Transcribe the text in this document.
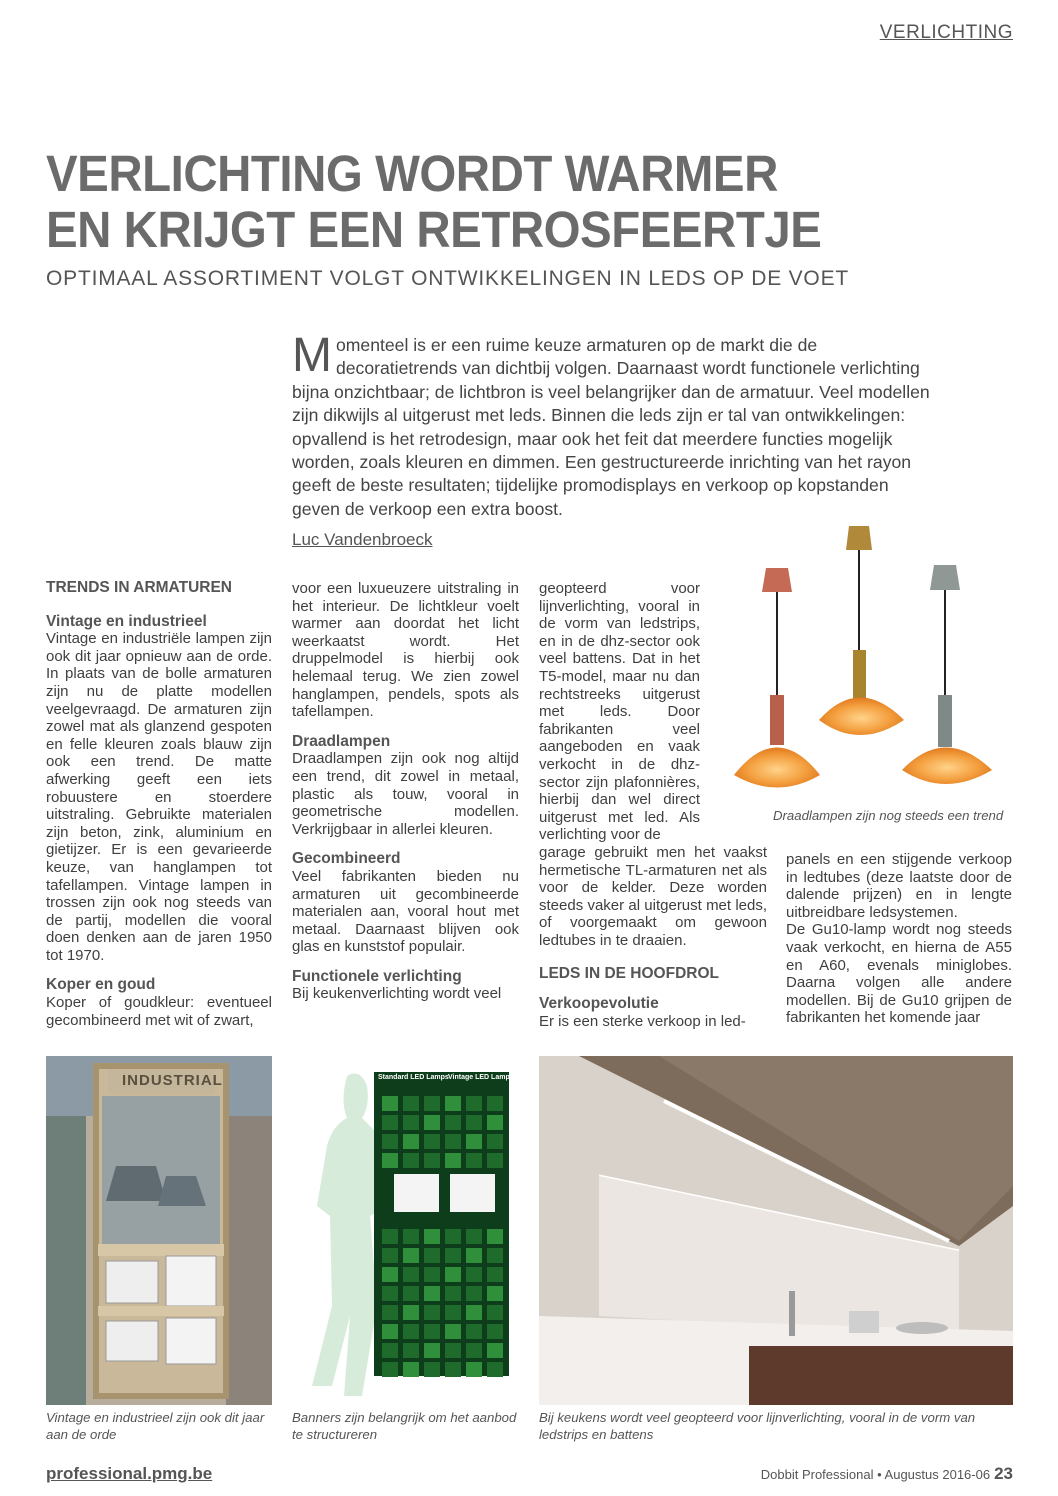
VERLICHTING
VERLICHTING WORDT WARMER
EN KRIJGT EEN RETROSFEERTJE
OPTIMAAL ASSORTIMENT VOLGT ONTWIKKELINGEN IN LEDS OP DE VOET
Momenteel is er een ruime keuze armaturen op de markt die de decoratietrends van dichtbij volgen. Daarnaast wordt functionele verlichting bijna onzichtbaar; de lichtbron is veel belangrijker dan de armatuur. Veel modellen zijn dikwijls al uitgerust met leds. Binnen die leds zijn er tal van ontwikkelingen: opvallend is het retrodesign, maar ook het feit dat meerdere functies mogelijk worden, zoals kleuren en dimmen. Een gestructureerde inrichting van het rayon geeft de beste resultaten; tijdelijke promodisplays en verkoop op kopstanden geven de verkoop een extra boost.
Luc Vandenbroeck
TRENDS IN ARMATUREN
Vintage en industrieel

Vintage en industriële lampen zijn ook dit jaar opnieuw aan de orde. In plaats van de bolle armaturen zijn nu de platte modellen veelgevraagd. De armaturen zijn zowel mat als glanzend gespoten en felle kleuren zoals blauw zijn ook een trend. De matte afwerking geeft een iets robuustere en stoerdere uitstraling. Gebruikte materialen zijn beton, zink, aluminium en gietijzer. Er is een gevarieerde keuze, van hanglampen tot tafellampen. Vintage lampen in trossen zijn ook nog steeds van de partij, modellen die vooral doen denken aan de jaren 1950 tot 1970.

Koper en goud

Koper of goudkleur: eventueel gecombineerd met wit of zwart,

voor een luxueuzere uitstraling in het interieur. De lichtkleur voelt warmer aan doordat het licht weerkaatst wordt. Het druppelmodel is hierbij ook helemaal terug. We zien zowel hanglampen, pendels, spots als tafellampen.

Draadlampen

Draadlampen zijn ook nog altijd een trend, dit zowel in metaal, plastic als touw, vooral in geometrische modellen. Verkrijgbaar in allerlei kleuren.

Gecombineerd

Veel fabrikanten bieden nu armaturen uit gecombineerde materialen aan, vooral hout met metaal. Daarnaast blijven ook glas en kunststof populair.

Functionele verlichting

Bij keukenverlichting wordt veel

geopteerd voor lijnverlichting, vooral in de vorm van ledstrips, en in de dhz-sector ook veel battens. Dat in het T5-model, maar nu dan rechtstreeks uitgerust met leds. Door fabrikanten veel aangeboden en vaak verkocht in de dhz-sector zijn plafonnières, hierbij dan wel direct uitgerust met led. Als verlichting voor de

garage gebruikt men het vaakst hermetische TL-armaturen net als voor de kelder. Deze worden steeds vaker al uitgerust met leds, of voorgemaakt om gewoon ledtubes in te draaien.

LEDS IN DE HOOFDROL
Verkoopevolutie

Er is een sterke verkoop in led-

panels en een stijgende verkoop in ledtubes (deze laatste door de dalende prijzen) en in lengte uitbreidbare ledsystemen.

De Gu10-lamp wordt nog steeds vaak verkocht, en hierna de A55 en A60, evenals miniglobes. Daarna volgen alle andere modellen. Bij de Gu10 grijpen de fabrikanten het komende jaar

Draadlampen zijn nog steeds een trend
INDUSTRIAL
Vintage en industrieel zijn ook dit jaar aan de orde
Standard LED Lamps Vintage LED Lamps
Banners zijn belangrijk om het aanbod te structureren
Bij keukens wordt veel geopteerd voor lijnverlichting, vooral in de vorm van ledstrips en battens
professional.pmg.be	Dobbit Professional • Augustus 2016-06 23
